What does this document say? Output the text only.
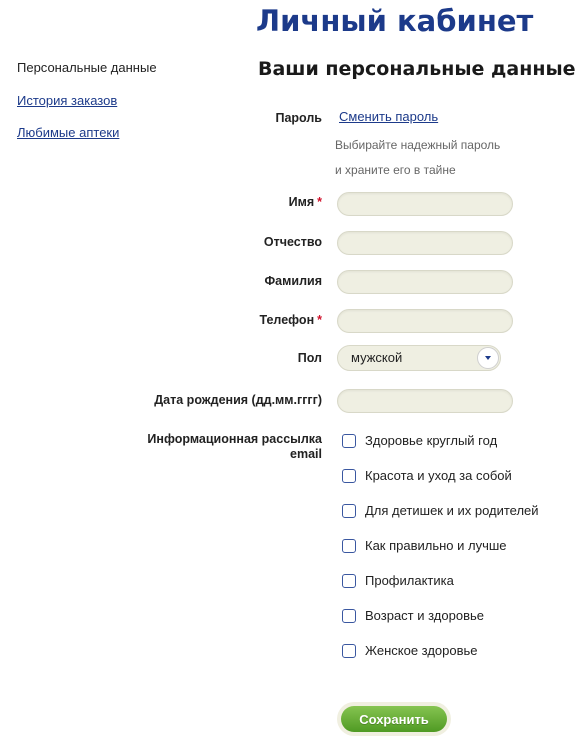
Личный кабинет
Персональные данные
История заказов
Любимые аптеки
Ваши персональные данные
Пароль Сменить пароль
Выбирайте надежный пароль
и храните его в тайне
Имя *
Отчество
Фамилия
Телефон *
Пол мужской
Дата рождения (дд.мм.гггг)
Информационная рассылка
email
Здоровье круглый год
Красота и уход за собой
Для детишек и их родителей
Как правильно и лучше
Профилактика
Возраст и здоровье
Женское здоровье
Сохранить
